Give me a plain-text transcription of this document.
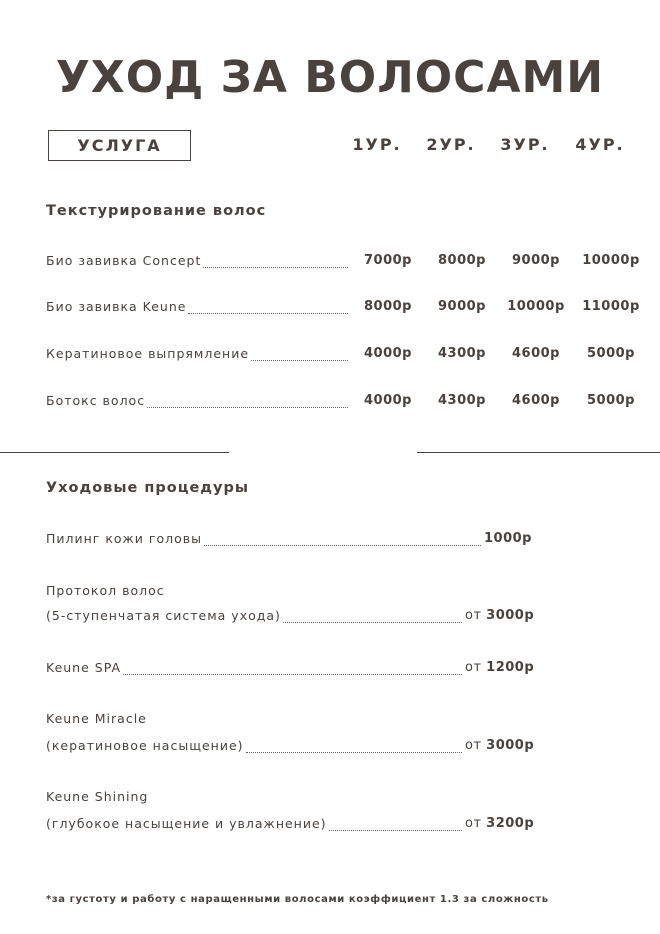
УХОД ЗА ВОЛОСАМИ
УСЛУГА	1УР.	2УР.	3УР.	4УР.
Текстурирование волос
Био завивка Concept	7000р	8000р	9000р	10000р
Био завивка Keune	8000р	9000р	10000р	11000р
Кератиновое выпрямление	4000р	4300р	4600р	5000р
Ботокс волос	4000р	4300р	4600р	5000р
Уходовые процедуры
Пилинг кожи головы	1000р
Протокол волос
(5-ступенчатая система ухода)	от 3000р
Keune SPA	от 1200р
Keune Miracle
(кератиновое насыщение)	от 3000р
Keune Shining
(глубокое насыщение и увлажнение)	от 3200р
*за густоту и работу с наращенными волосами коэффициент 1.3 за сложность
